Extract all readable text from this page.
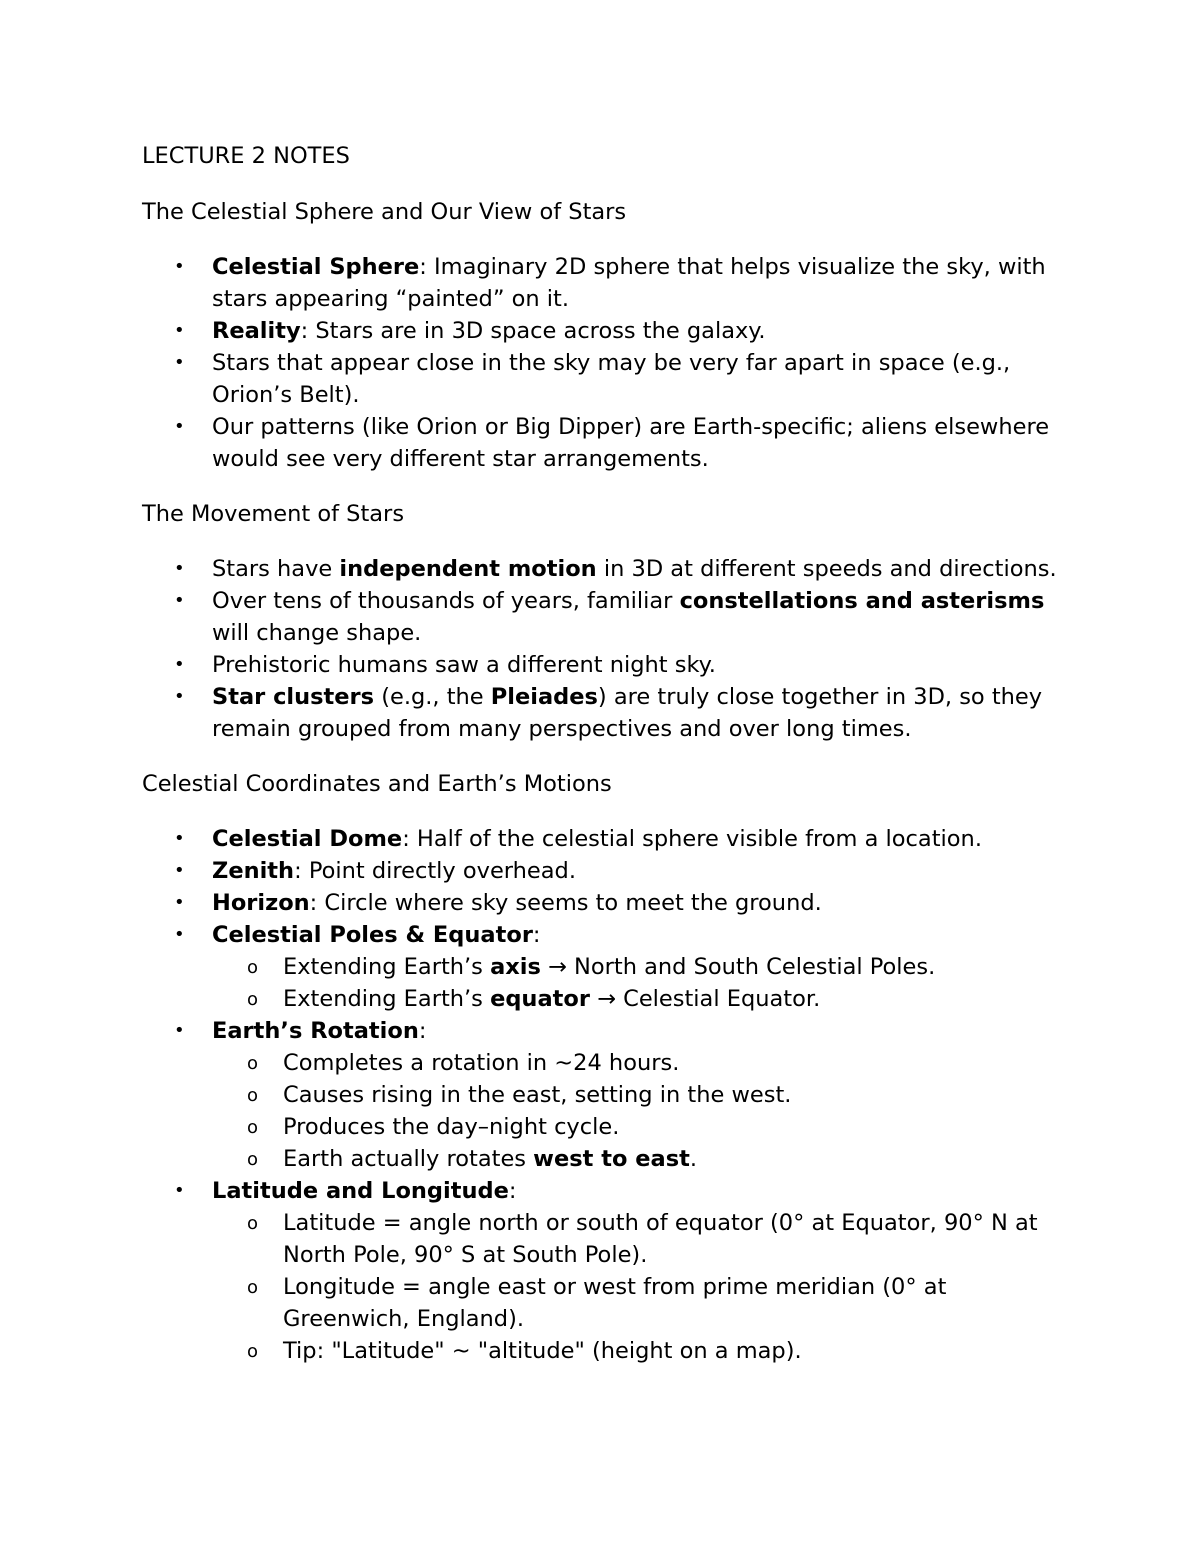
LECTURE 2 NOTES
The Celestial Sphere and Our View of Stars
• Celestial Sphere: Imaginary 2D sphere that helps visualize the sky, with stars appearing “painted” on it.
• Reality: Stars are in 3D space across the galaxy.
• Stars that appear close in the sky may be very far apart in space (e.g., Orion’s Belt).
• Our patterns (like Orion or Big Dipper) are Earth-specific; aliens elsewhere would see very different star arrangements.
The Movement of Stars
• Stars have independent motion in 3D at different speeds and directions.
• Over tens of thousands of years, familiar constellations and asterisms will change shape.
• Prehistoric humans saw a different night sky.
• Star clusters (e.g., the Pleiades) are truly close together in 3D, so they remain grouped from many perspectives and over long times.
Celestial Coordinates and Earth’s Motions
• Celestial Dome: Half of the celestial sphere visible from a location.
• Zenith: Point directly overhead.
• Horizon: Circle where sky seems to meet the ground.
• Celestial Poles & Equator:
o Extending Earth’s axis → North and South Celestial Poles.
o Extending Earth’s equator → Celestial Equator.
• Earth’s Rotation:
o Completes a rotation in ~24 hours.
o Causes rising in the east, setting in the west.
o Produces the day–night cycle.
o Earth actually rotates west to east.
• Latitude and Longitude:
o Latitude = angle north or south of equator (0° at Equator, 90° N at North Pole, 90° S at South Pole).
o Longitude = angle east or west from prime meridian (0° at Greenwich, England).
o Tip: "Latitude" ~ "altitude" (height on a map).
